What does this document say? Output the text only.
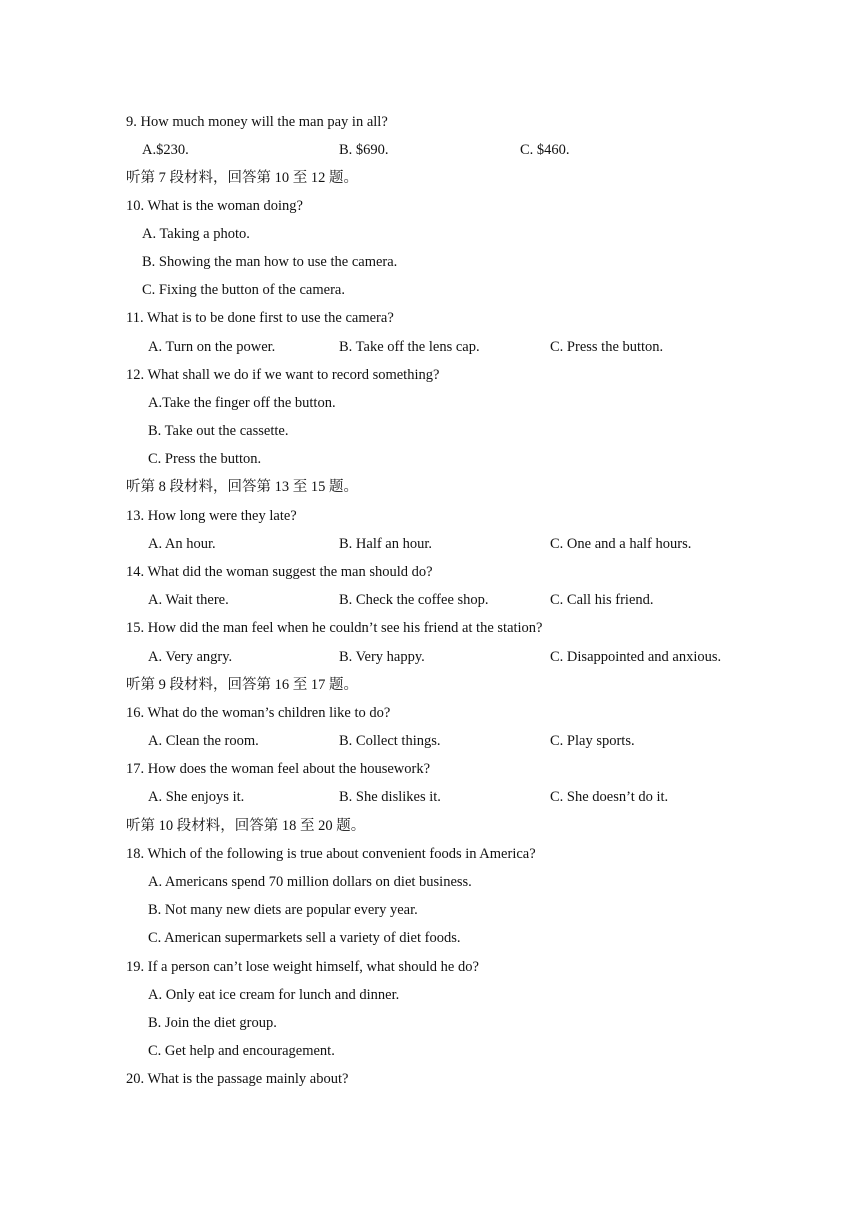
9. How much money will the man pay in all?
A.$230.	B. $690.	C. $460.
听第 7 段材料，回答第 10 至 12 题。
10. What is the woman doing?
A. Taking a photo.
B. Showing the man how to use the camera.
C. Fixing the button of the camera.
11. What is to be done first to use the camera?
A. Turn on the power.	B. Take off the lens cap.	C. Press the button.
12. What shall we do if we want to record something?
A.Take the finger off the button.
B. Take out the cassette.
C. Press the button.
听第 8 段材料，回答第 13 至 15 题。
13. How long were they late?
A. An hour.	B. Half an hour.	C. One and a half hours.
14. What did the woman suggest the man should do?
A. Wait there.	B. Check the coffee shop.	C. Call his friend.
15. How did the man feel when he couldn’t see his friend at the station?
A. Very angry.	B. Very happy.	C. Disappointed and anxious.
听第 9 段材料，回答第 16 至 17 题。
16. What do the woman’s children like to do?
A. Clean the room.	B. Collect things.	C. Play sports.
17. How does the woman feel about the housework?
A. She enjoys it.	B. She dislikes it.	C. She doesn’t do it.
听第 10 段材料，回答第 18 至 20 题。
18. Which of the following is true about convenient foods in America?
A. Americans spend 70 million dollars on diet business.
B. Not many new diets are popular every year.
C. American supermarkets sell a variety of diet foods.
19. If a person can’t lose weight himself, what should he do?
A. Only eat ice cream for lunch and dinner.
B. Join the diet group.
C. Get help and encouragement.
20. What is the passage mainly about?
